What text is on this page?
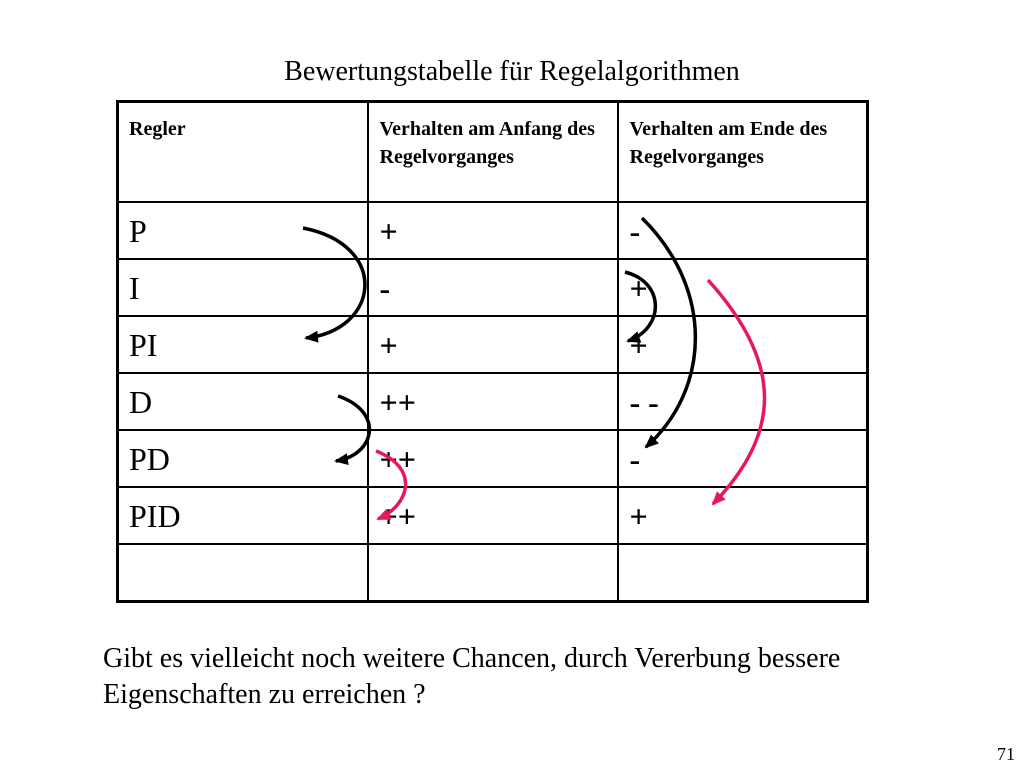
Bewertungstabelle für Regelalgorithmen
Regler	Verhalten am Anfang des Regelvorganges	Verhalten am Ende des Regelvorganges
P	+	-
I	-	+
PI	+	+
D	++	- -
PD	++	-
PID	++	+

Gibt es vielleicht noch weitere Chancen, durch Vererbung bessere Eigenschaften zu erreichen ?
71
